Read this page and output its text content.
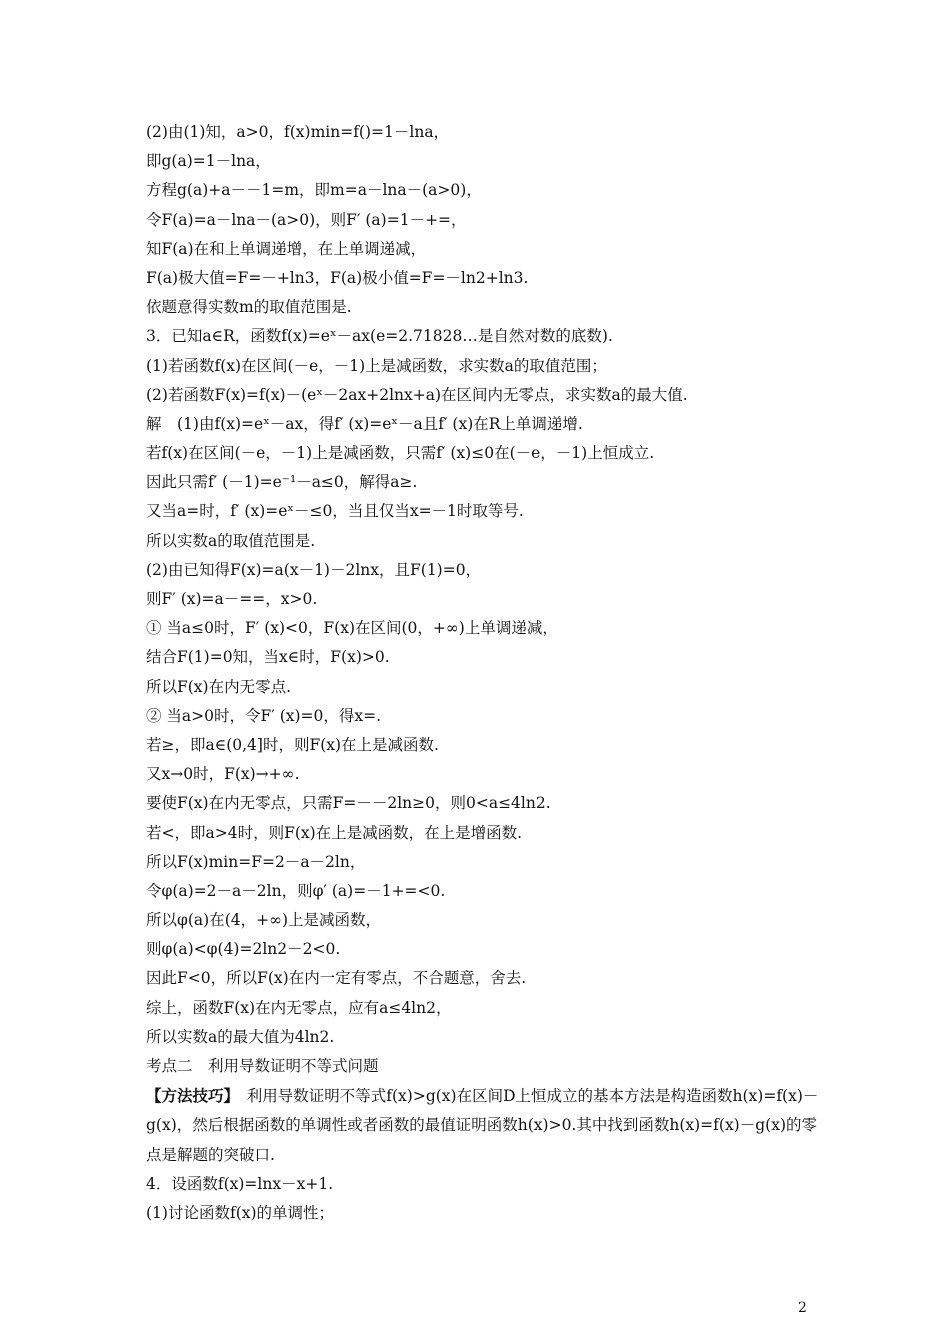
(2)由(1)知，a>0，f(x)min=f()=1－lna，
即g(a)=1－lna，
方程g(a)+a－－1=m，即m=a－lna－(a>0)，
令F(a)=a－lna－(a>0)，则F′ (a)=1－+=，
知F(a)在和上单调递增，在上单调递减，
F(a)极大值=F=－+ln3，F(a)极小值=F=－ln2+ln3.
依题意得实数m的取值范围是.
3．已知a∈R，函数f(x)=eˣ－ax(e=2.71828…是自然对数的底数).
(1)若函数f(x)在区间(－e，－1)上是减函数，求实数a的取值范围；
(2)若函数F(x)=f(x)－(eˣ－2ax+2lnx+a)在区间内无零点，求实数a的最大值.
解　(1)由f(x)=eˣ－ax，得f′ (x)=eˣ－a且f′ (x)在R上单调递增.
若f(x)在区间(－e，－1)上是减函数，只需f′ (x)≤0在(－e，－1)上恒成立.
因此只需f′ (－1)=e⁻¹－a≤0，解得a≥.
又当a=时，f′ (x)=eˣ－≤0，当且仅当x=－1时取等号.
所以实数a的取值范围是.
(2)由已知得F(x)=a(x－1)－2lnx，且F(1)=0，
则F′ (x)=a－==，x>0.
① 当a≤0时，F′ (x)<0，F(x)在区间(0，+∞)上单调递减，
结合F(1)=0知，当x∈时，F(x)>0.
所以F(x)在内无零点.
② 当a>0时，令F′ (x)=0，得x=.
若≥，即a∈(0,4]时，则F(x)在上是减函数.
又x→0时，F(x)→+∞.
要使F(x)在内无零点，只需F=－－2ln≥0，则0<a≤4ln2.
若<，即a>4时，则F(x)在上是减函数，在上是增函数.
所以F(x)min=F=2－a－2ln，
令φ(a)=2－a－2ln，则φ′ (a)=－1+=<0.
所以φ(a)在(4，+∞)上是减函数，
则φ(a)<φ(4)=2ln2－2<0.
因此F<0，所以F(x)在内一定有零点，不合题意，舍去.
综上，函数F(x)在内无零点，应有a≤4ln2，
所以实数a的最大值为4ln2.
考点二　利用导数证明不等式问题
【方法技巧】　利用导数证明不等式f(x)>g(x)在区间D上恒成立的基本方法是构造函数h(x)=f(x)－g(x)，然后根据函数的单调性或者函数的最值证明函数h(x)>0.其中找到函数h(x)=f(x)－g(x)的零点是解题的突破口.
4．设函数f(x)=lnx－x+1.
(1)讨论函数f(x)的单调性；
2
